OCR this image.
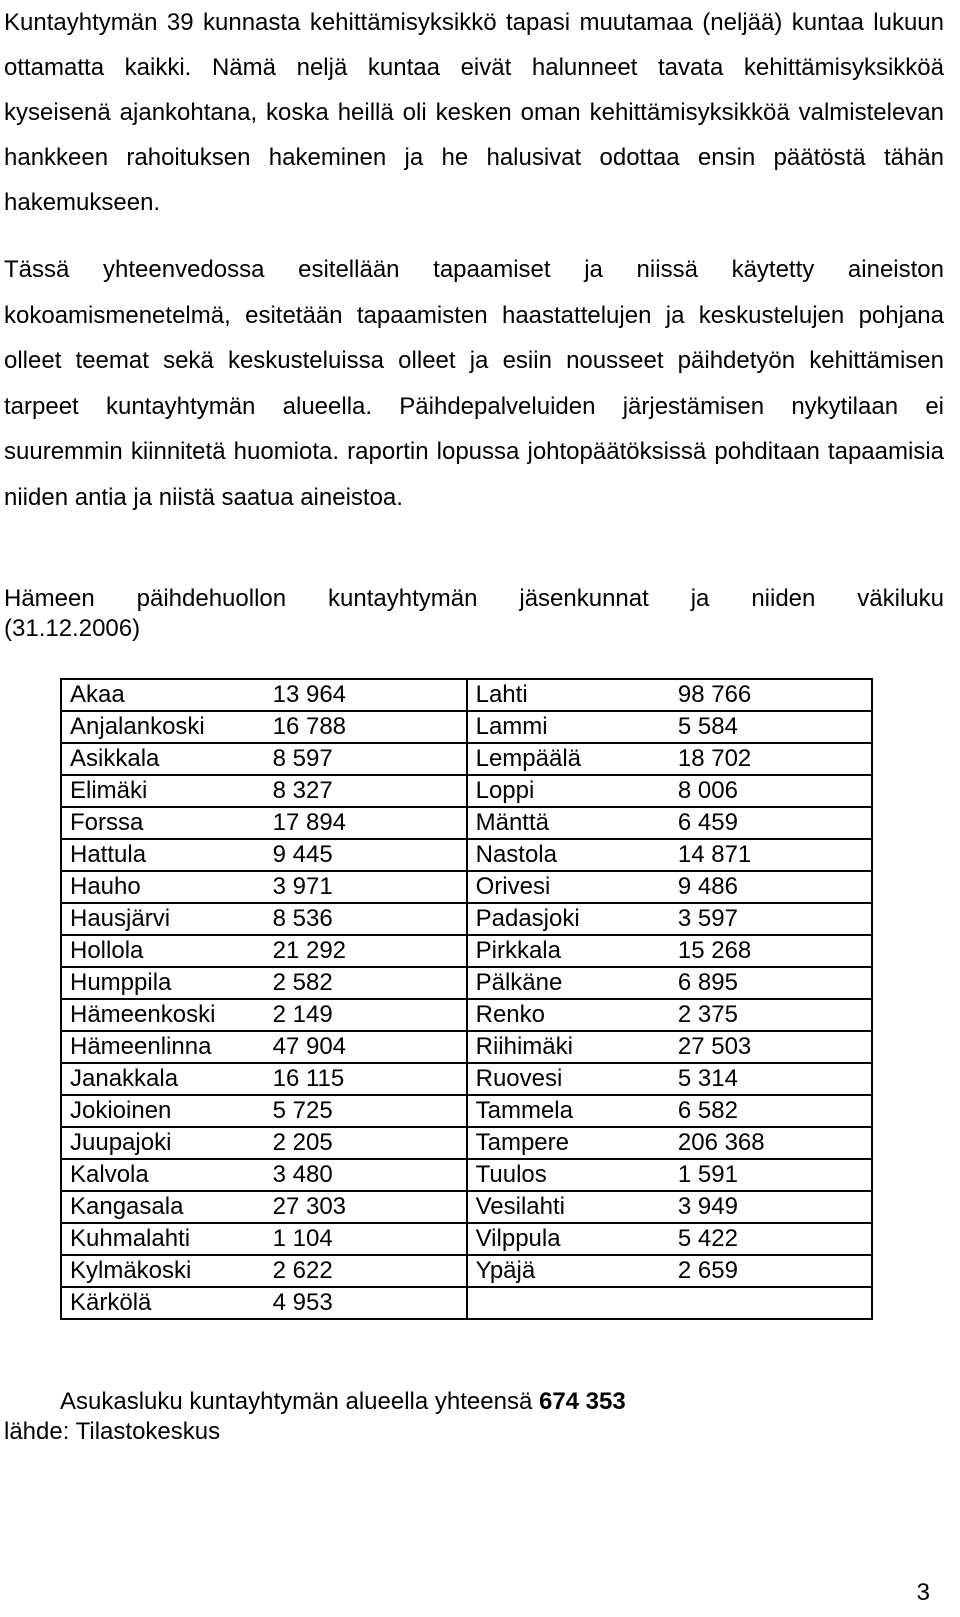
Kuntayhtymän 39 kunnasta kehittämisyksikkö tapasi muutamaa (neljää) kuntaa lukuun ottamatta kaikki. Nämä neljä kuntaa eivät halunneet tavata kehittämisyksikköä kyseisenä ajankohtana, koska heillä oli kesken oman kehittämisyksikköä valmistelevan hankkeen rahoituksen hakeminen ja he halusivat odottaa ensin päätöstä tähän hakemukseen.

Tässä yhteenvedossa esitellään tapaamiset ja niissä käytetty aineiston kokoamismenetelmä, esitetään tapaamisten haastattelujen ja keskustelujen pohjana olleet teemat sekä keskusteluissa olleet ja esiin nousseet päihdetyön kehittämisen tarpeet kuntayhtymän alueella. Päihdepalveluiden järjestämisen nykytilaan ei suuremmin kiinnitetä huomiota. raportin lopussa johtopäätöksissä pohditaan tapaamisia niiden antia ja niistä saatua aineistoa.

Hämeen päihdehuollon kuntayhtymän jäsenkunnat ja niiden väkiluku

(31.12.2006)

Akaa	13 964	Lahti	98 766
Anjalankoski	16 788	Lammi	5 584
Asikkala	8 597	Lempäälä	18 702
Elimäki	8 327	Loppi	8 006
Forssa	17 894	Mänttä	6 459
Hattula	9 445	Nastola	14 871
Hauho	3 971	Orivesi	9 486
Hausjärvi	8 536	Padasjoki	3 597
Hollola	21 292	Pirkkala	15 268
Humppila	2 582	Pälkäne	6 895
Hämeenkoski	2 149	Renko	2 375
Hämeenlinna	47 904	Riihimäki	27 503
Janakkala	16 115	Ruovesi	5 314
Jokioinen	5 725	Tammela	6 582
Juupajoki	2 205	Tampere	206 368
Kalvola	3 480	Tuulos	1 591
Kangasala	27 303	Vesilahti	3 949
Kuhmalahti	1 104	Vilppula	5 422
Kylmäkoski	2 622	Ypäjä	2 659
Kärkölä	4 953		

Asukasluku kuntayhtymän alueella yhteensä 674 353

lähde: Tilastokeskus

3
